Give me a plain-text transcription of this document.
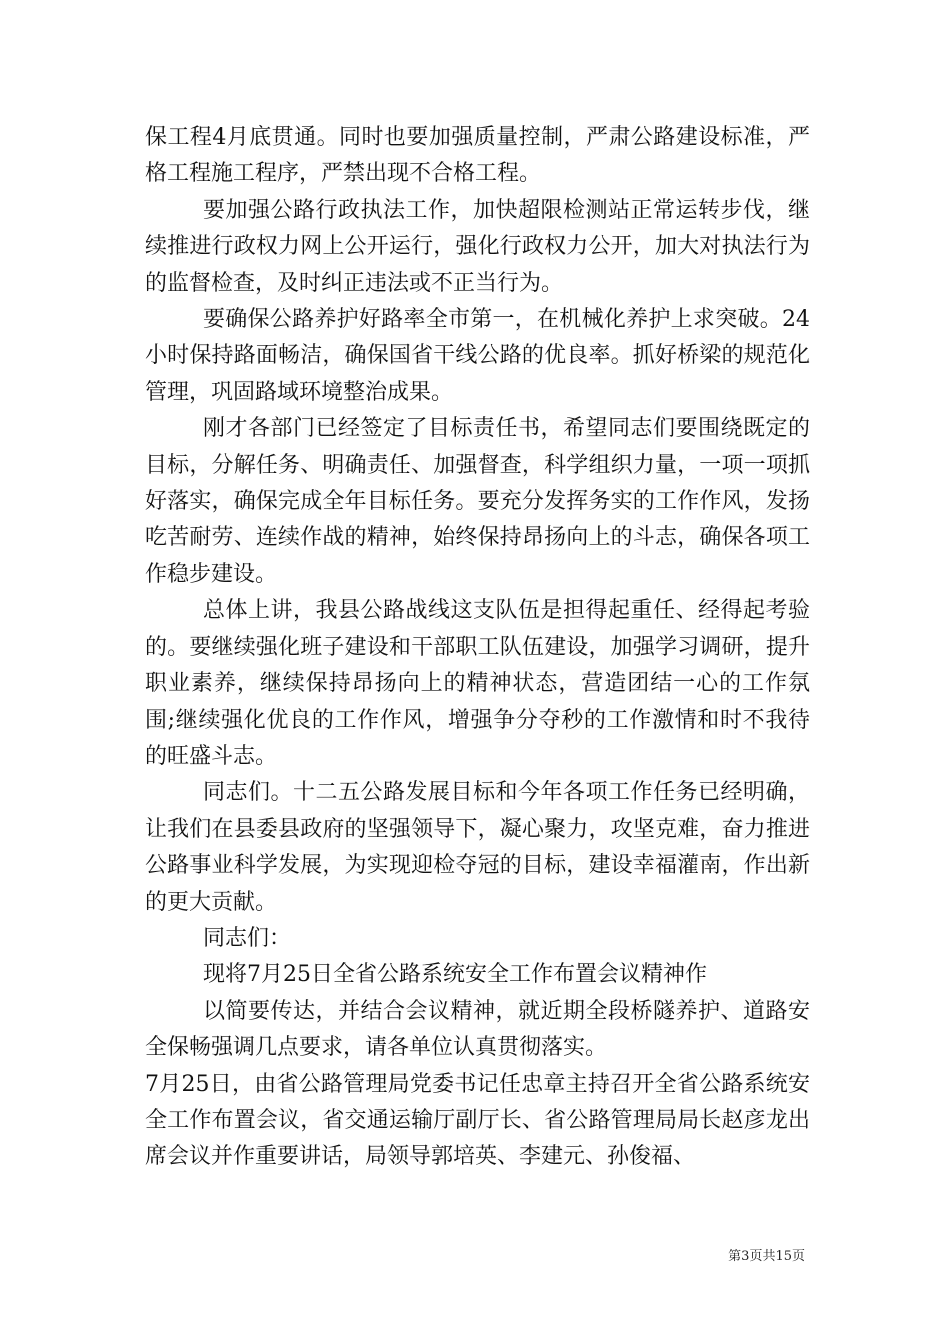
保工程4月底贯通。同时也要加强质量控制，严肃公路建设标准，严格工程施工程序，严禁出现不合格工程。

要加强公路行政执法工作，加快超限检测站正常运转步伐，继续推进行政权力网上公开运行，强化行政权力公开，加大对执法行为的监督检查，及时纠正违法或不正当行为。

要确保公路养护好路率全市第一，在机械化养护上求突破。24小时保持路面畅洁，确保国省干线公路的优良率。抓好桥梁的规范化管理，巩固路域环境整治成果。

刚才各部门已经签定了目标责任书，希望同志们要围绕既定的目标，分解任务、明确责任、加强督查，科学组织力量，一项一项抓好落实，确保完成全年目标任务。要充分发挥务实的工作作风，发扬吃苦耐劳、连续作战的精神，始终保持昂扬向上的斗志，确保各项工作稳步建设。

总体上讲，我县公路战线这支队伍是担得起重任、经得起考验的。要继续强化班子建设和干部职工队伍建设，加强学习调研，提升职业素养，继续保持昂扬向上的精神状态，营造团结一心的工作氛围;继续强化优良的工作作风，增强争分夺秒的工作激情和时不我待的旺盛斗志。

同志们。十二五公路发展目标和今年各项工作任务已经明确，让我们在县委县政府的坚强领导下，凝心聚力，攻坚克难，奋力推进公路事业科学发展，为实现迎检夺冠的目标，建设幸福灌南，作出新的更大贡献。

同志们：

现将7月25日全省公路系统安全工作布置会议精神作

以简要传达，并结合会议精神，就近期全段桥隧养护、道路安全保畅强调几点要求，请各单位认真贯彻落实。

7月25日，由省公路管理局党委书记任忠章主持召开全省公路系统安全工作布置会议，省交通运输厅副厅长、省公路管理局局长赵彦龙出席会议并作重要讲话，局领导郭培英、李建元、孙俊福、

第3页共15页
